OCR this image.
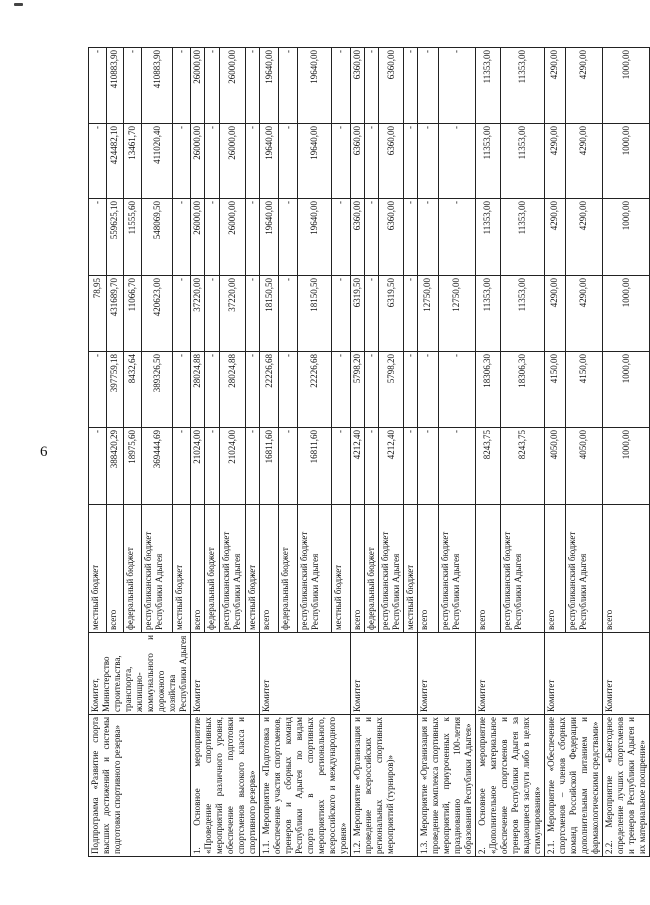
6
Подпрограмма «Развитие спорта высших достижений и системы подготовки спортивного резерва»	Комитет, Министерство строительства, транспорта, жилищно-коммунального и дорожного хозяйства Республики Адыгея	местный бюджет	-	-	78,95	-	-	-
		всего	388420,29	397759,18	431689,70	559625,10	424482,10	410883,90
		федеральный бюджет	18975,60	8432,64	11066,70	11555,60	13461,70	-
		республиканский бюджет Республики Адыгея	369444,69	389326,50	420623,00	548069,50	411020,40	410883,90
		местный бюджет	-	-	-	-	-	-
1. Основное мероприятие «Проведение спортивных мероприятий различного уровня, обеспечение подготовки спортсменов высокого класса и спортивного резерва»	Комитет	всего	21024,00	28024,88	37220,00	26000,00	26000,00	26000,00
		федеральный бюджет	-	-	-	-	-	-
		республиканский бюджет Республики Адыгея	21024,00	28024,88	37220,00	26000,00	26000,00	26000,00
		местный бюджет	-	-	-	-	-	-
1.1. Мероприятие «Подготовка и обеспечение участия спортсменов, тренеров и сборных команд Республики Адыгея по видам спорта в спортивных мероприятиях регионального, всероссийского и международного уровня»	Комитет	всего	16811,60	22226,68	18150,50	19640,00	19640,00	19640,00
		федеральный бюджет	-	-	-	-	-	-
		республиканский бюджет Республики Адыгея	16811,60	22226,68	18150,50	19640,00	19640,00	19640,00
		местный бюджет	-	-	-	-	-	-
1.2. Мероприятие «Организация и проведение всероссийских и региональных спортивных мероприятий (турниров)»	Комитет	всего	4212,40	5798,20	6319,50	6360,00	6360,00	6360,00
		федеральный бюджет	-	-	-	-	-	-
		республиканский бюджет Республики Адыгея	4212,40	5798,20	6319,50	6360,00	6360,00	6360,00
		местный бюджет	-	-	-	-	-	-
1.3. Мероприятие «Организация и проведение комплекса спортивных мероприятий, приуроченных к празднованию 100-летия образования Республики Адыгея»	Комитет	всего	-	-	12750,00	-	-	-
		республиканский бюджет Республики Адыгея	-	-	12750,00	-	-	-
2. Основное мероприятие «Дополнительное материальное обеспечение спортсменов и тренеров Республики Адыгея за выдающиеся заслуги либо в целях стимулирования»	Комитет	всего	8243,75	18306,30	11353,00	11353,00	11353,00	11353,00
		республиканский бюджет Республики Адыгея	8243,75	18306,30	11353,00	11353,00	11353,00	11353,00
2.1. Мероприятие «Обеспечение спортсменов – членов сборных команд Российской Федерации дополнительным питанием и фармакологическими средствами»	Комитет	всего	4050,00	4150,00	4290,00	4290,00	4290,00	4290,00
		республиканский бюджет Республики Адыгея	4050,00	4150,00	4290,00	4290,00	4290,00	4290,00
2.2. Мероприятие «Ежегодное определение лучших спортсменов и тренеров Республики Адыгея и их материальное поощрение»	Комитет	всего	1000,00	1000,00	1000,00	1000,00	1000,00	1000,00
